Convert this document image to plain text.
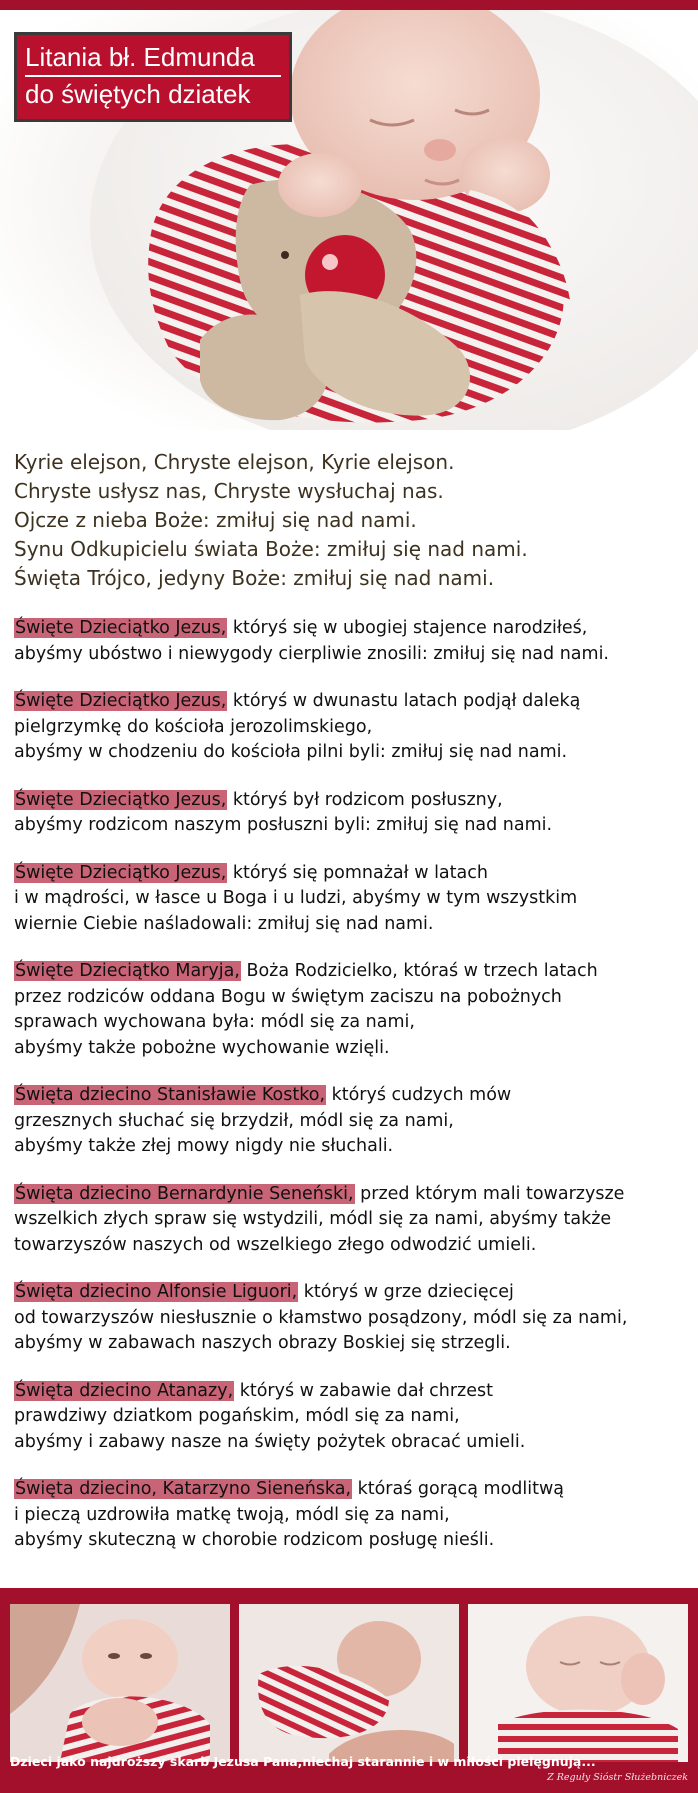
Litania bł. Edmunda
do świętych dziatek
Kyrie elejson, Chryste elejson, Kyrie elejson.
Chryste usłysz nas, Chryste wysłuchaj nas.
Ojcze z nieba Boże: zmiłuj się nad nami.
Synu Odkupicielu świata Boże: zmiłuj się nad nami.
Święta Trójco, jedyny Boże: zmiłuj się nad nami.
Święte Dzieciątko Jezus, któryś się w ubogiej stajence narodziłeś,
abyśmy ubóstwo i niewygody cierpliwie znosili: zmiłuj się nad nami.
Święte Dzieciątko Jezus, któryś w dwunastu latach podjął daleką
pielgrzymkę do kościoła jerozolimskiego,
abyśmy w chodzeniu do kościoła pilni byli: zmiłuj się nad nami.
Święte Dzieciątko Jezus, któryś był rodzicom posłuszny,
abyśmy rodzicom naszym posłuszni byli: zmiłuj się nad nami.
Święte Dzieciątko Jezus, któryś się pomnażał w latach
i w mądrości, w łasce u Boga i u ludzi, abyśmy w tym wszystkim
wiernie Ciebie naśladowali: zmiłuj się nad nami.
Święte Dzieciątko Maryja, Boża Rodzicielko, któraś w trzech latach
przez rodziców oddana Bogu w świętym zaciszu na pobożnych
sprawach wychowana była: módl się za nami,
abyśmy także pobożne wychowanie wzięli.
Święta dziecino Stanisławie Kostko, któryś cudzych mów
grzesznych słuchać się brzydził, módl się za nami,
abyśmy także złej mowy nigdy nie słuchali.
Święta dziecino Bernardynie Seneński, przed którym mali towarzysze
wszelkich złych spraw się wstydzili, módl się za nami, abyśmy także
towarzyszów naszych od wszelkiego złego odwodzić umieli.
Święta dziecino Alfonsie Liguori, któryś w grze dziecięcej
od towarzyszów niesłusznie o kłamstwo posądzony, módl się za nami,
abyśmy w zabawach naszych obrazy Boskiej się strzegli.
Święta dziecino Atanazy, któryś w zabawie dał chrzest
prawdziwy dziatkom pogańskim, módl się za nami,
abyśmy i zabawy nasze na święty pożytek obracać umieli.
Święta dziecino, Katarzyno Sieneńska, któraś gorącą modlitwą
i pieczą uzdrowiła matkę twoją, módl się za nami,
abyśmy skuteczną w chorobie rodzicom posługę nieśli.
Dzieci jako najdroższy skarb Jezusa Pana,niechaj starannie i w miłości pielęgnują...
Z Reguły Sióstr Służebniczek
